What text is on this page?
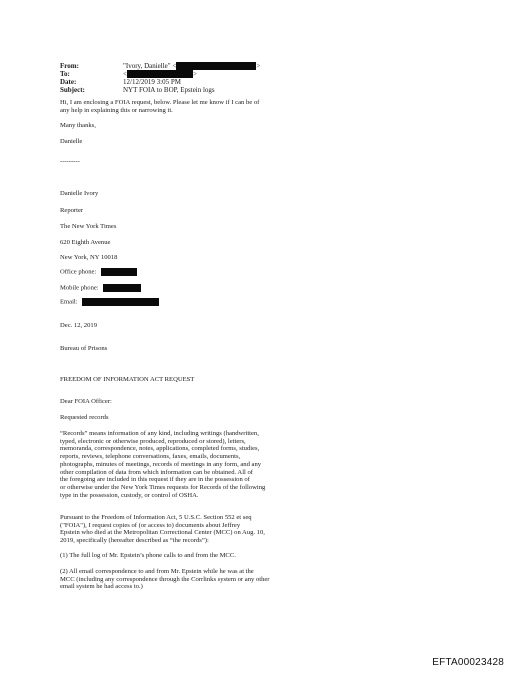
From:	"Ivory, Danielle" <	>
To:	<	>
Date:	12/12/2019 3:05 PM
Subject:	NYT FOIA to BOP, Epstein logs
Hi, I am enclosing a FOIA request, below. Please let me know if I can be of
any help in explaining this or narrowing it.
Many thanks,
Danielle
---------
Danielle Ivory
Reporter
The New York Times
620 Eighth Avenue
New York, NY 10018
Office phone:
Mobile phone:
Email:
Dec. 12, 2019
Bureau of Prisons
FREEDOM OF INFORMATION ACT REQUEST
Dear FOIA Officer:
Requested records
“Records” means information of any kind, including writings (handwritten,
typed, electronic or otherwise produced, reproduced or stored), letters,
memoranda, correspondence, notes, applications, completed forms, studies,
reports, reviews, telephone conversations, faxes, emails, documents,
photographs, minutes of meetings, records of meetings in any form, and any
other compilation of data from which information can be obtained. All of
the foregoing are included in this request if they are in the possession of
or otherwise under the New York Times requests for Records of the following
type in the possession, custody, or control of OSHA.
Pursuant to the Freedom of Information Act, 5 U.S.C. Section 552 et seq
("FOIA"), I request copies of (or access to) documents about Jeffrey
Epstein who died at the Metropolitan Correctional Center (MCC) on Aug. 10,
2019, specifically (hereafter described as “the records”):
(1) The full log of Mr. Epstein’s phone calls to and from the MCC.
(2) All email correspondence to and from Mr. Epstein while he was at the
MCC (including any correspondence through the Corrlinks system or any other
email system he had access to.)
EFTA00023428
